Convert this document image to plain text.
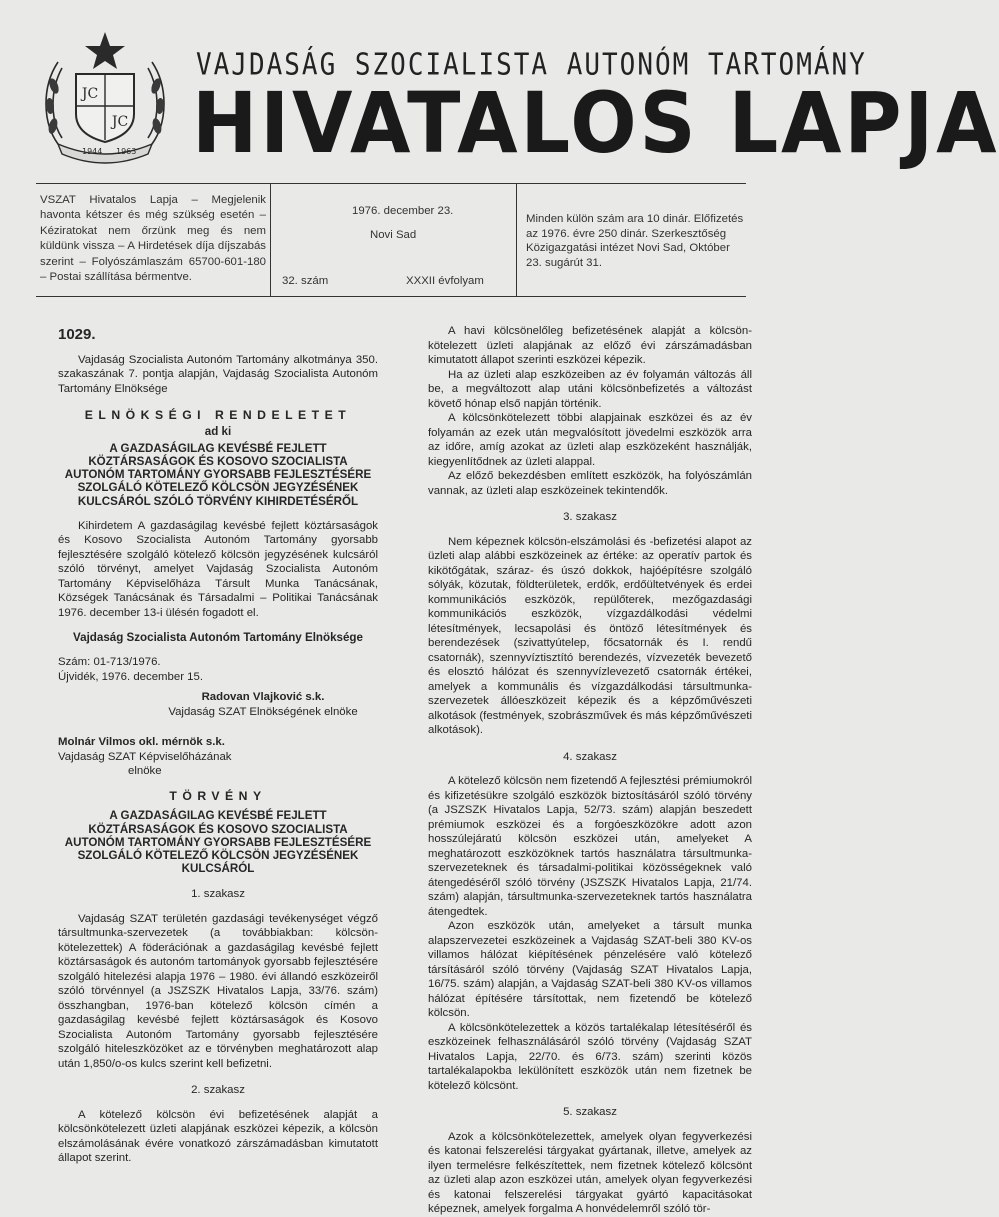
ЈС
ЈС
1944 1963
VAJDASÁG SZOCIALISTA AUTONÓM TARTOMÁNY
HIVATALOS LAPJA
VSZAT Hivatalos Lapja – Megjelenik havonta kétszer és még szükség esetén – Kéziratokat nem őrzünk meg és nem küldünk vissza – A Hirdetések díja díjszabás szerint – Folyószámlaszám 65700-601-180 – Postai szállítása bérmentve.
1976. december 23.
Novi Sad
32. szám	XXXII évfolyam
Minden külön szám ara 10 dinár. Előfizetés az 1976. évre 250 dinár. Szerkesztőség Közigazgatási intézet Novi Sad, Október 23. sugárút 31.
1029.

Vajdaság Szocialista Autonóm Tartomány alkotmánya 350. szakaszának 7. pontja alapján, Vajdaság Szocialista Autonóm Tartomány Elnöksége

ELNÖKSÉGI RENDELETET
ad ki
A GAZDASÁGILAG KEVÉSBÉ FEJLETT KÖZTÁRSASÁGOK ÉS KOSOVO SZOCIALISTA AUTONÓM TARTOMÁNY GYORSABB FEJLESZTÉSÉRE SZOLGÁLÓ KÖTELEZŐ KÖLCSÖN JEGYZÉSÉNEK KULCSÁRÓL SZÓLÓ TÖRVÉNY KIHIRDETÉSÉRŐL

Kihirdetem A gazdaságilag kevésbé fejlett köztársaságok és Kosovo Szocialista Autonóm Tartomány gyorsabb fejlesztésére szolgáló kötelező kölcsön jegyzésének kulcsáról szóló törvényt, amelyet Vajdaság Szocialista Autonóm Tartomány Képviselőháza Társult Munka Tanácsának, Községek Tanácsának és Társadalmi – Politikai Tanácsának 1976. december 13-i ülésén fogadott el.

Vajdaság Szocialista Autonóm Tartomány Elnöksége

Szám: 01-713/1976.

Újvidék, 1976. december 15.

Radovan Vlajković s.k.
Vajdaság SZAT Elnökségének elnöke
Molnár Vilmos okl. mérnök s.k.
Vajdaság SZAT Képviselőházának
elnöke
TÖRVÉNY
A GAZDASÁGILAG KEVÉSBÉ FEJLETT KÖZTÁRSASÁGOK ÉS KOSOVO SZOCIALISTA AUTONÓM TARTOMÁNY GYORSABB FEJLESZTÉSÉRE SZOLGÁLÓ KÖTELEZŐ KÖLCSÖN JEGYZÉSÉNEK KULCSÁRÓL
1. szakasz

Vajdaság SZAT területén gazdasági tevékenységet végző társultmunka-szervezetek (a továbbiakban: kölcsön-kötelezettek) A föderációnak a gazdaságilag kevésbé fejlett köztársaságok és autonóm tartományok gyorsabb fejlesztésére szolgáló hitelezési alapja 1976 – 1980. évi állandó eszközeiről szóló törvénnyel (a JSZSZK Hivatalos Lapja, 33/76. szám) összhangban, 1976-ban kötelező kölcsön címén a gazdaságilag kevésbé fejlett köztársaságok és Kosovo Szocialista Autonóm Tartomány gyorsabb fejlesztésére szolgáló hiteleszközöket az e törvényben meghatározott alap után 1,850/o-os kulcs szerint kell befizetni.

2. szakasz

A kötelező kölcsön évi befizetésének alapját a kölcsönkötelezett üzleti alapjának eszközei képezik, a kölcsön elszámolásának évére vonatkozó zárszámadásban kimutatott állapot szerint.

A havi kölcsönelőleg befizetésének alapját a kölcsön-kötelezett üzleti alapjának az előző évi zárszámadásban kimutatott állapot szerinti eszközei képezik.

Ha az üzleti alap eszközeiben az év folyamán változás áll be, a megváltozott alap utáni kölcsönbefizetés a változást követő hónap első napján történik.

A kölcsönkötelezett többi alapjainak eszközei és az év folyamán az ezek után megvalósított jövedelmi eszközök arra az időre, amíg azokat az üzleti alap eszközeként használják, kiegyenlítődnek az üzleti alappal.

Az előző bekezdésben említett eszközök, ha folyószámlán vannak, az üzleti alap eszközeinek tekintendők.

3. szakasz

Nem képeznek kölcsön-elszámolási és -befizetési alapot az üzleti alap alábbi eszközeinek az értéke: az operatív partok és kikötőgátak, száraz- és úszó dokkok, hajóépítésre szolgáló sólyák, közutak, földterületek, erdők, erdőültetvények és erdei kommunikációs eszközök, repülőterek, mezőgazdasági kommunikációs eszközök, vízgazdálkodási védelmi létesítmények, lecsapolási és öntöző létesítmények és berendezések (szivattyútelep, főcsatornák és I. rendű csatornák), szennyvíztisztító berendezés, vízvezeték bevezető és elosztó hálózat és szennyvízlevezető csatornák értékei, amelyek a kommunális és vízgazdálkodási társultmunka-szervezetek állóeszközeit képezik és a képzőművészeti alkotások (festmények, szobrászművek és más képzőművészeti alkotások).

4. szakasz

A kötelező kölcsön nem fizetendő A fejlesztési prémiumokról és kifizetésükre szolgáló eszközök biztosításáról szóló törvény (a JSZSZK Hivatalos Lapja, 52/73. szám) alapján beszedett prémiumok eszközei és a forgóeszközökre adott azon hosszúlejáratú kölcsön eszközei után, amelyeket A meghatározott eszközöknek tartós használatra társultmunka-szervezeteknek és társadalmi-politikai közösségeknek való átengedéséről szóló törvény (JSZSZK Hivatalos Lapja, 21/74. szám) alapján, társultmunka-szervezeteknek tartós használatra átengedtek.

Azon eszközök után, amelyeket a társult munka alapszervezetei eszközeinek a Vajdaság SZAT-beli 380 KV-os villamos hálózat kiépítésének pénzelésére való kötelező társításáról szóló törvény (Vajdaság SZAT Hivatalos Lapja, 16/75. szám) alapján, a Vajdaság SZAT-beli 380 KV-os villamos hálózat építésére társítottak, nem fizetendő be kötelező kölcsön.

A kölcsönkötelezettek a közös tartalékalap létesítéséről és eszközeinek felhasználásáról szóló törvény (Vajdaság SZAT Hivatalos Lapja, 22/70. és 6/73. szám) szerinti közös tartalékalapokba lekülönített eszközök után nem fizetnek be kötelező kölcsönt.

5. szakasz

Azok a kölcsönkötelezettek, amelyek olyan fegyverkezési és katonai felszerelési tárgyakat gyártanak, illetve, amelyek az ilyen termelésre felkészítettek, nem fizetnek kötelező kölcsönt az üzleti alap azon eszközei után, amelyek olyan fegyverkezési és katonai felszerelési tárgyakat gyártó kapacitásokat képeznek, amelyek forgalma A honvédelemről szóló tör-
